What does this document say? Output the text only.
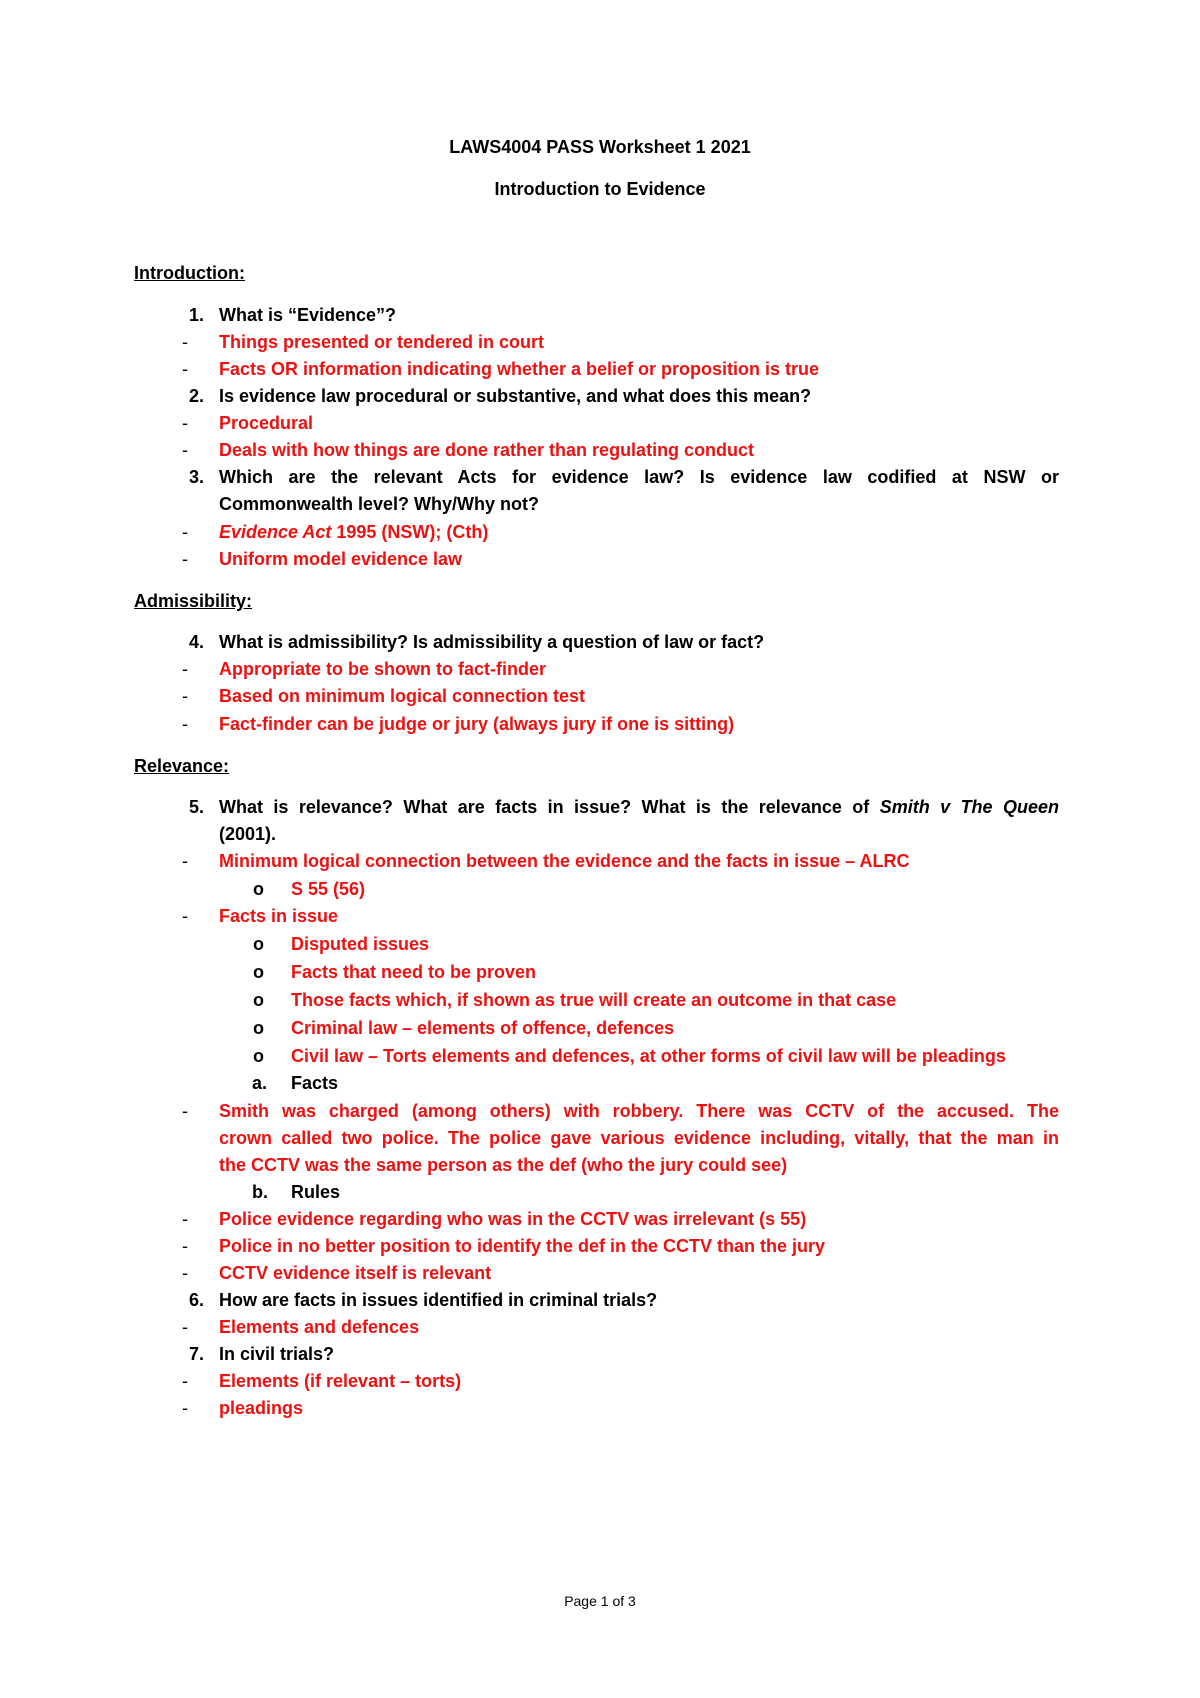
LAWS4004 PASS Worksheet 1 2021
Introduction to Evidence
Introduction:
1. What is “Evidence”?
- Things presented or tendered in court
- Facts OR information indicating whether a belief or proposition is true
2. Is evidence law procedural or substantive, and what does this mean?
- Procedural
- Deals with how things are done rather than regulating conduct
3. Which are the relevant Acts for evidence law? Is evidence law codified at NSW or
Commonwealth level? Why/Why not?
- Evidence Act 1995 (NSW); (Cth)
- Uniform model evidence law
Admissibility:
4. What is admissibility? Is admissibility a question of law or fact?
- Appropriate to be shown to fact-finder
- Based on minimum logical connection test
- Fact-finder can be judge or jury (always jury if one is sitting)
Relevance:
5. What is relevance? What are facts in issue? What is the relevance of Smith v The Queen
(2001).
- Minimum logical connection between the evidence and the facts in issue – ALRC
o S 55 (56)
- Facts in issue
o Disputed issues
o Facts that need to be proven
o Those facts which, if shown as true will create an outcome in that case
o Criminal law – elements of offence, defences
o Civil law – Torts elements and defences, at other forms of civil law will be pleadings
a. Facts
- Smith was charged (among others) with robbery. There was CCTV of the accused. The
crown called two police. The police gave various evidence including, vitally, that the man in
the CCTV was the same person as the def (who the jury could see)
b. Rules
- Police evidence regarding who was in the CCTV was irrelevant (s 55)
- Police in no better position to identify the def in the CCTV than the jury
- CCTV evidence itself is relevant
6. How are facts in issues identified in criminal trials?
- Elements and defences
7. In civil trials?
- Elements (if relevant – torts)
- pleadings
Page 1 of 3
